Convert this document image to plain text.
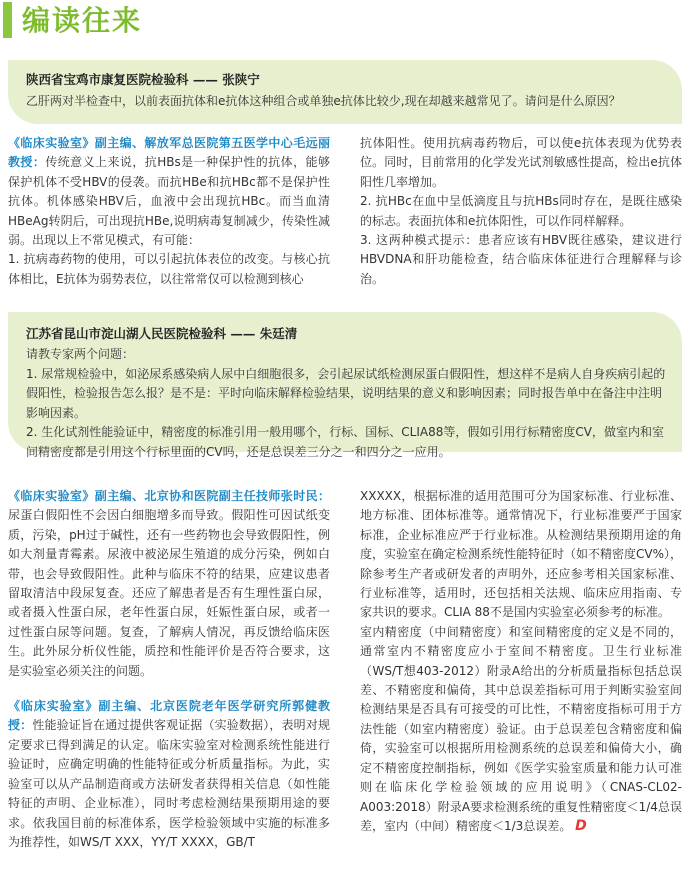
编读往来
陕西省宝鸡市康复医院检验科 —— 张陕宁
乙肝两对半检查中，以前表面抗体和e抗体这种组合或单独e抗体比较少,现在却越来越常见了。请问是什么原因？

《临床实验室》副主编、解放军总医院第五医学中心毛远丽教授：传统意义上来说，抗HBs是一种保护性的抗体，能够保护机体不受HBV的侵袭。而抗HBe和抗HBc都不是保护性抗体。机体感染HBV后，血液中会出现抗HBc。而当血清HBeAg转阴后，可出现抗HBe,说明病毒复制减少，传染性减弱。出现以上不常见模式，有可能：

1. 抗病毒药物的使用，可以引起抗体表位的改变。与核心抗体相比，E抗体为弱势表位，以往常常仅可以检测到核心

抗体阳性。使用抗病毒药物后，可以使e抗体表现为优势表位。同时，目前常用的化学发光试剂敏感性提高，检出e抗体阳性几率增加。

2. 抗HBc在血中呈低滴度且与抗HBs同时存在，是既往感染的标志。表面抗体和e抗体阳性，可以作同样解释。

3. 这两种模式提示：患者应该有HBV既往感染，建议进行HBVDNA和肝功能检查，结合临床体征进行合理解释与诊治。

江苏省昆山市淀山湖人民医院检验科 —— 朱廷清

请教专家两个问题：

1. 尿常规检验中，如泌尿系感染病人尿中白细胞很多，会引起尿试纸检测尿蛋白假阳性，想这样不是病人自身疾病引起的假阳性，检验报告怎么报？是不是：平时向临床解释检验结果，说明结果的意义和影响因素；同时报告单中在备注中注明影响因素。

2. 生化试剂性能验证中，精密度的标准引用一般用哪个，行标、国标、CLIA88等，假如引用行标精密度CV，做室内和室间精密度都是引用这个行标里面的CV吗，还是总误差三分之一和四分之一应用。

《临床实验室》副主编、北京协和医院副主任技师张时民：尿蛋白假阳性不会因白细胞增多而导致。假阳性可因试纸变质，污染，pH过于碱性，还有一些药物也会导致假阳性，例如大剂量青霉素。尿液中被泌尿生殖道的成分污染，例如白带，也会导致假阳性。此种与临床不符的结果，应建议患者留取清洁中段尿复查。还应了解患者是否有生理性蛋白尿，或者摄入性蛋白尿，老年性蛋白尿，妊娠性蛋白尿，或者一过性蛋白尿等问题。复查，了解病人情况，再反馈给临床医生。此外尿分析仪性能，质控和性能评价是否符合要求，这是实验室必须关注的问题。

《临床实验室》副主编、北京医院老年医学研究所郭健教授：性能验证旨在通过提供客观证据（实验数据），表明对规定要求已得到满足的认定。临床实验室对检测系统性能进行验证时，应确定明确的性能特征或分析质量指标。为此，实验室可以从产品制造商或方法研发者获得相关信息（如性能特征的声明、企业标准），同时考虑检测结果预期用途的要求。依我国目前的标准体系，医学检验领域中实施的标准多为推荐性，如WS/T XXX，YY/T XXXX，GB/T

XXXXX，根据标准的适用范围可分为国家标准、行业标准、地方标准、团体标准等。通常情况下，行业标准要严于国家标准，企业标准应严于行业标准。从检测结果预期用途的角度，实验室在确定检测系统性能特征时（如不精密度CV%），除参考生产者或研发者的声明外，还应参考相关国家标准、行业标准等，适用时，还包括相关法规、临床应用指南、专家共识的要求。CLIA 88不是国内实验室必须参考的标准。

室内精密度（中间精密度）和室间精密度的定义是不同的，通常室内不精密度应小于室间不精密度。卫生行业标准（WS/T想403-2012）附录A给出的分析质量指标包括总误差、不精密度和偏倚，其中总误差指标可用于判断实验室间检测结果是否具有可接受的可比性，不精密度指标可用于方法性能（如室内精密度）验证。由于总误差包含精密度和偏倚，实验室可以根据所用检测系统的总误差和偏倚大小，确定不精密度控制指标，例如《医学实验室质量和能力认可准则在临床化学检验领域的应用说明》（CNAS-CL02-A003:2018）附录A要求检测系统的重复性精密度＜1/4总误差，室内（中间）精密度＜1/3总误差。 D
